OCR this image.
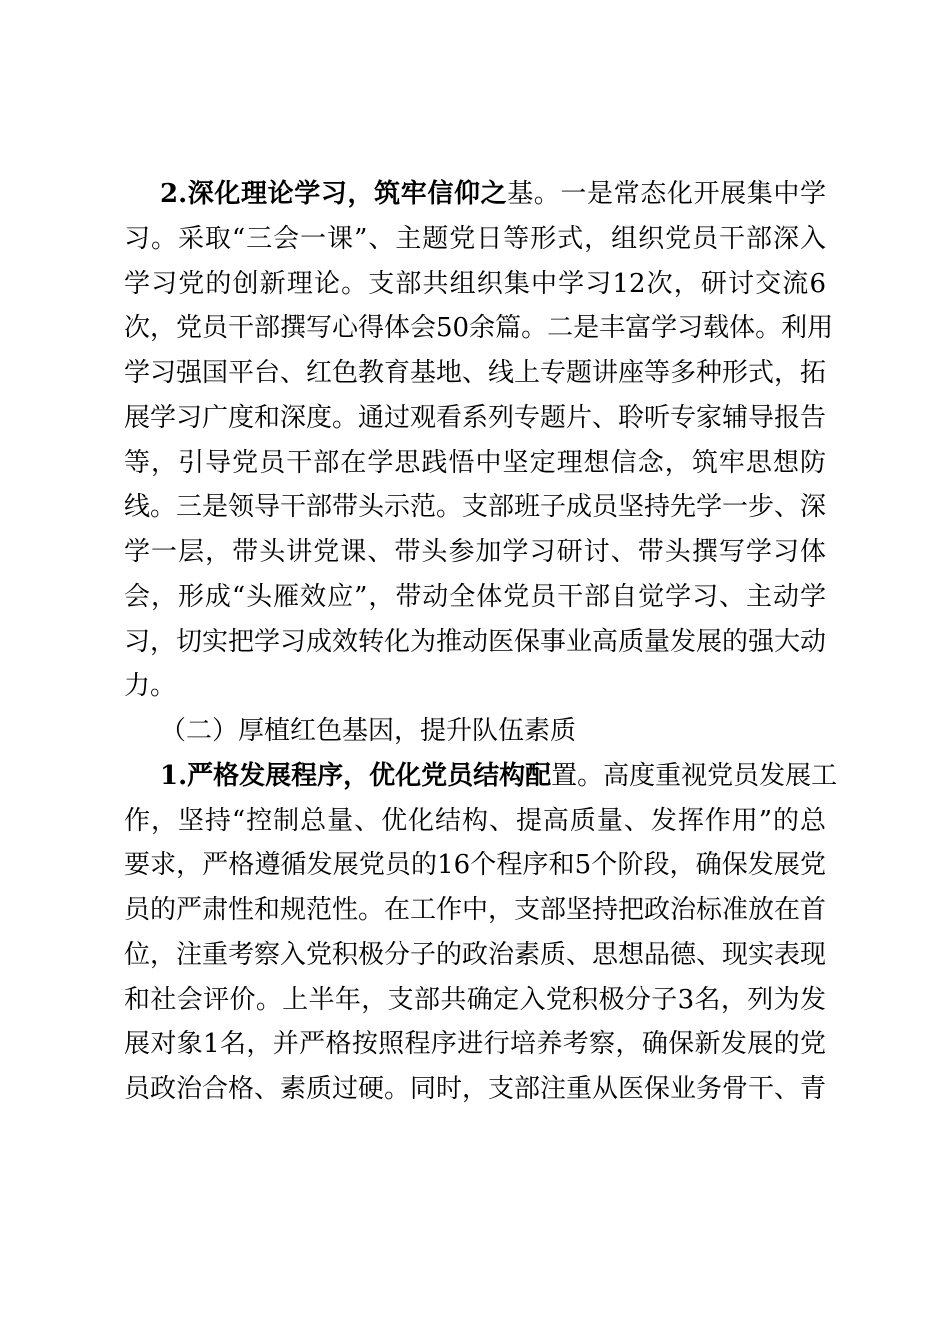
2.深化理论学习，筑牢信仰之基。一是常态化开展集中学
习。采取“三会一课”、主题党日等形式，组织党员干部深入
学习党的创新理论。支部共组织集中学习12次，研讨交流6
次，党员干部撰写心得体会50余篇。二是丰富学习载体。利用
学习强国平台、红色教育基地、线上专题讲座等多种形式，拓
展学习广度和深度。通过观看系列专题片、聆听专家辅导报告
等，引导党员干部在学思践悟中坚定理想信念，筑牢思想防
线。三是领导干部带头示范。支部班子成员坚持先学一步、深
学一层，带头讲党课、带头参加学习研讨、带头撰写学习体
会，形成“头雁效应”，带动全体党员干部自觉学习、主动学
习，切实把学习成效转化为推动医保事业高质量发展的强大动
力。
（二）厚植红色基因，提升队伍素质
1.严格发展程序，优化党员结构配置。高度重视党员发展工
作，坚持“控制总量、优化结构、提高质量、发挥作用”的总
要求，严格遵循发展党员的16个程序和5个阶段，确保发展党
员的严肃性和规范性。在工作中，支部坚持把政治标准放在首
位，注重考察入党积极分子的政治素质、思想品德、现实表现
和社会评价。上半年，支部共确定入党积极分子3名，列为发
展对象1名，并严格按照程序进行培养考察，确保新发展的党
员政治合格、素质过硬。同时，支部注重从医保业务骨干、青
